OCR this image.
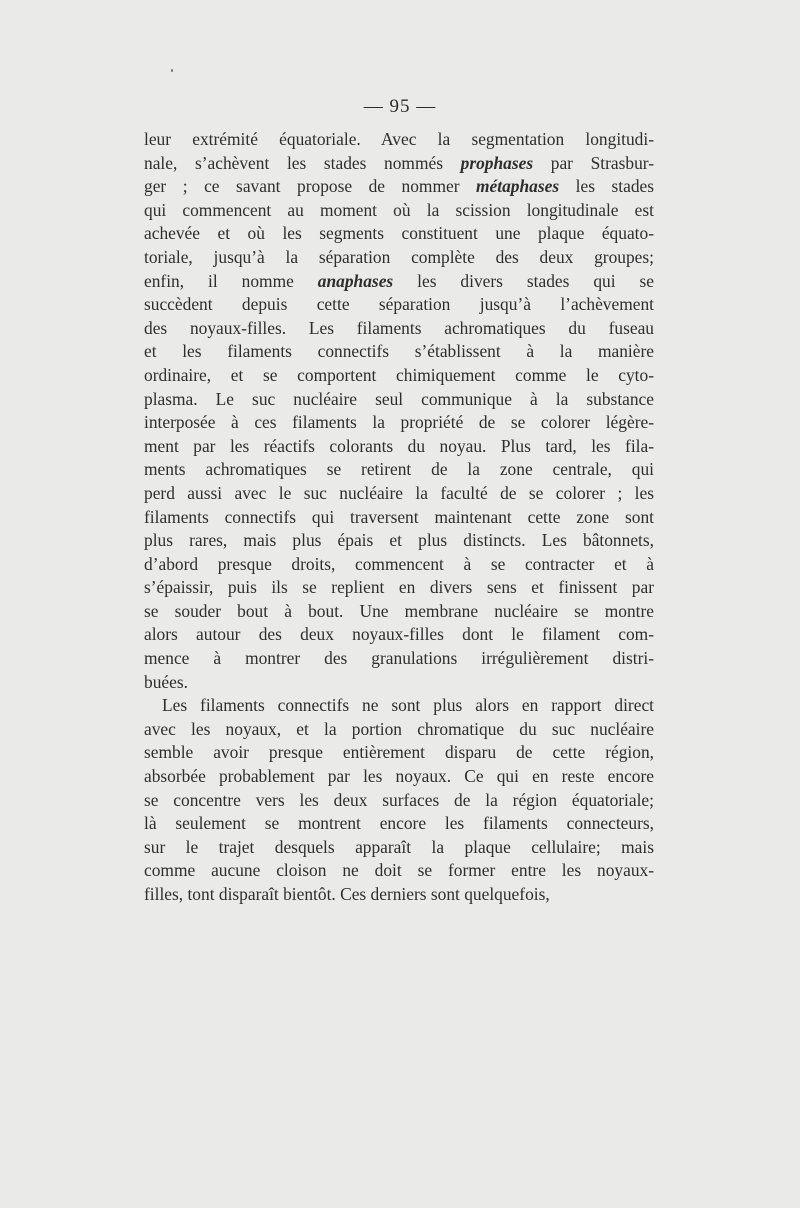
— 95 —
leur extrémité équatoriale. Avec la segmentation longitudi-
nale, s’achèvent les stades nommés prophases par Strasbur-
ger ; ce savant propose de nommer métaphases les stades
qui commencent au moment où la scission longitudinale est
achevée et où les segments constituent une plaque équato-
toriale, jusqu’à la séparation complète des deux groupes;
enfin, il nomme anaphases les divers stades qui se
succèdent depuis cette séparation jusqu’à l’achèvement
des noyaux-filles. Les filaments achromatiques du fuseau
et les filaments connectifs s’établissent à la manière
ordinaire, et se comportent chimiquement comme le cyto-
plasma. Le suc nucléaire seul communique à la substance
interposée à ces filaments la propriété de se colorer légère-
ment par les réactifs colorants du noyau. Plus tard, les fila-
ments achromatiques se retirent de la zone centrale, qui
perd aussi avec le suc nucléaire la faculté de se colorer ; les
filaments connectifs qui traversent maintenant cette zone sont
plus rares, mais plus épais et plus distincts. Les bâtonnets,
d’abord presque droits, commencent à se contracter et à
s’épaissir, puis ils se replient en divers sens et finissent par
se souder bout à bout. Une membrane nucléaire se montre
alors autour des deux noyaux-filles dont le filament com-
mence à montrer des granulations irrégulièrement distri-
buées.
Les filaments connectifs ne sont plus alors en rapport direct
avec les noyaux, et la portion chromatique du suc nucléaire
semble avoir presque entièrement disparu de cette région,
absorbée probablement par les noyaux. Ce qui en reste encore
se concentre vers les deux surfaces de la région équatoriale;
là seulement se montrent encore les filaments connecteurs,
sur le trajet desquels apparaît la plaque cellulaire; mais
comme aucune cloison ne doit se former entre les noyaux-
filles, tont disparaît bientôt. Ces derniers sont quelquefois,
